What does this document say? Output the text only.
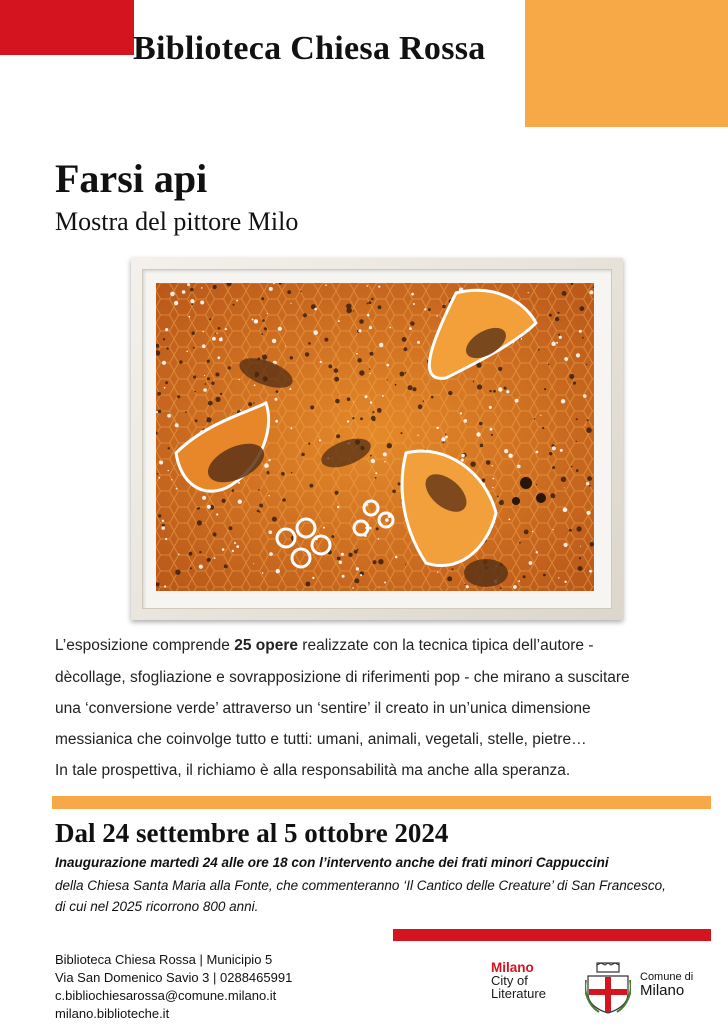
Biblioteca Chiesa Rossa
Farsi api
Mostra del pittore Milo
L’esposizione comprende 25 opere realizzate con la tecnica tipica dell’autore -
dècollage, sfogliazione e sovrapposizione di riferimenti pop - che mirano a suscitare
una ‘conversione verde’ attraverso un ‘sentire’ il creato in un’unica dimensione
messianica che coinvolge tutto e tutti: umani, animali, vegetali, stelle, pietre…
In tale prospettiva, il richiamo è alla responsabilità ma anche alla speranza.
Dal 24 settembre al 5 ottobre 2024
Inaugurazione martedì 24 alle ore 18 con l’intervento anche dei frati minori Cappuccini
della Chiesa Santa Maria alla Fonte, che commenteranno ‘Il Cantico delle Creature’ di San Francesco,
di cui nel 2025 ricorrono 800 anni.
Biblioteca Chiesa Rossa | Municipio 5
Via San Domenico Savio 3 | 0288465991
c.bibliochiesarossa@comune.milano.it
milano.biblioteche.it
Milano
City of
Literature
Comune di
Milano
